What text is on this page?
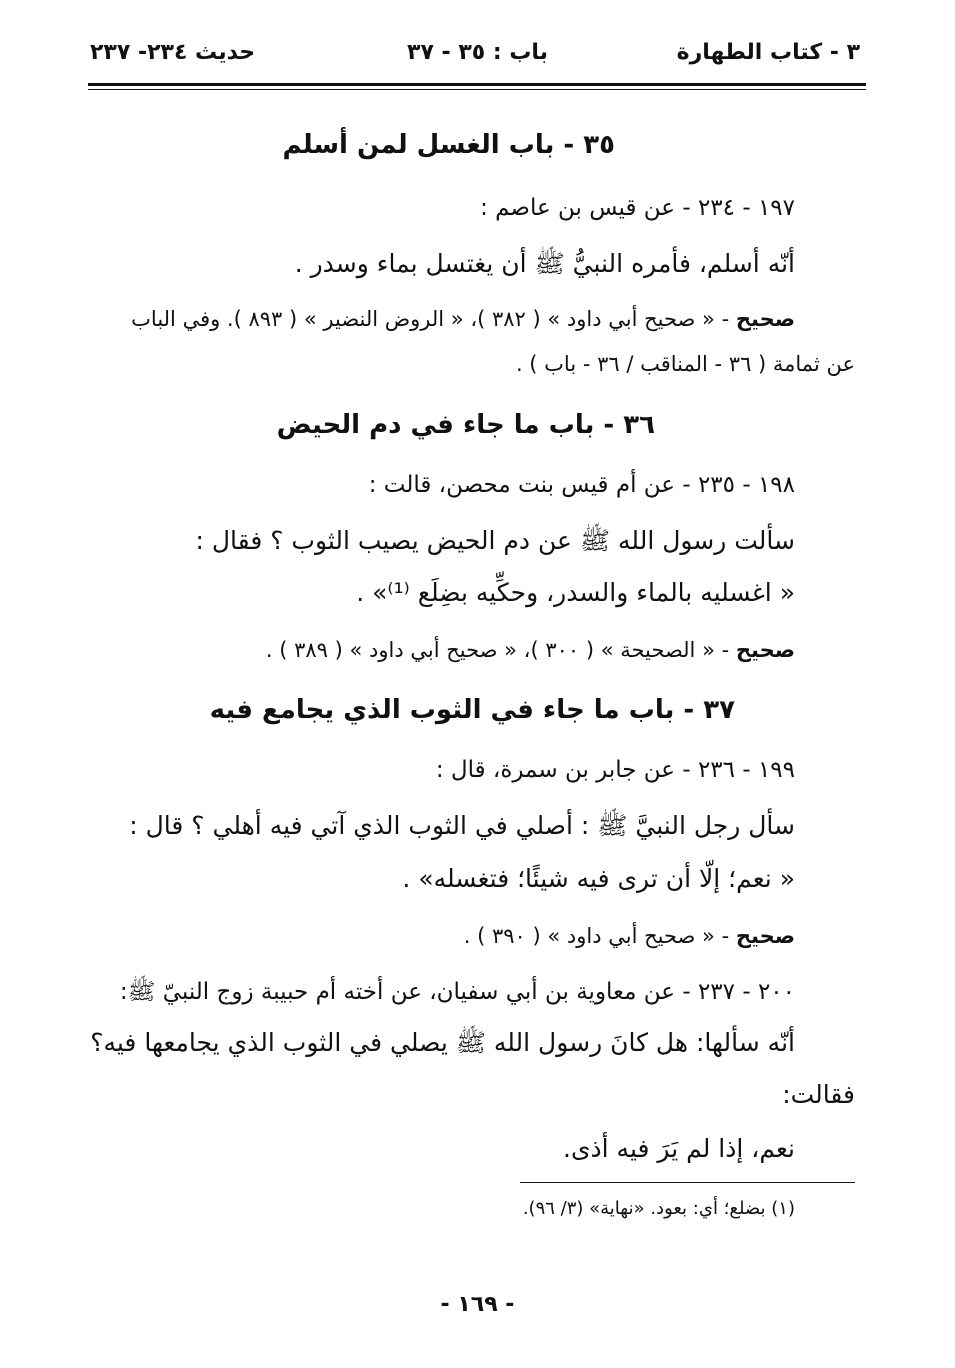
٣ - كتاب الطهارة
باب : ٣٥ - ٣٧
حديث ٢٣٤- ٢٣٧
٣٥ - باب الغسل لمن أسلم
١٩٧ - ٢٣٤ - عن قيس بن عاصم :
أنّه أسلم، فأمره النبيُّ ﷺ أن يغتسل بماء وسدر .
صحيح - « صحيح أبي داود » ( ٣٨٢ )، « الروض النضير » ( ٨٩٣ ). وفي الباب
عن ثمامة ( ٣٦ - المناقب / ٣٦ - باب ) .
٣٦ - باب ما جاء في دم الحيض
١٩٨ - ٢٣٥ - عن أم قيس بنت محصن، قالت :
سألت رسول الله ﷺ عن دم الحيض يصيب الثوب ؟ فقال :
« اغسليه بالماء والسدر، وحكِّيه بضِلَع ⁽¹⁾» .
صحيح - « الصحيحة » ( ٣٠٠ )، « صحيح أبي داود » ( ٣٨٩ ) .
٣٧ - باب ما جاء في الثوب الذي يجامع فيه
١٩٩ - ٢٣٦ - عن جابر بن سمرة، قال :
سأل رجل النبيَّ ﷺ : أصلي في الثوب الذي آتي فيه أهلي ؟ قال :
« نعم؛ إلّا أن ترى فيه شيئًا؛ فتغسله» .
صحيح - « صحيح أبي داود » ( ٣٩٠ ) .
٢٠٠ - ٢٣٧ - عن معاوية بن أبي سفيان، عن أخته أم حبيبة زوج النبيّ ﷺ:
أنّه سألها: هل كانَ رسول الله ﷺ يصلي في الثوب الذي يجامعها فيه؟
فقالت:
نعم، إذا لم يَرَ فيه أذى.
(١) بضلع؛ أي: بعود. «نهاية» (٣/ ٩٦).
- ١٦٩ -
